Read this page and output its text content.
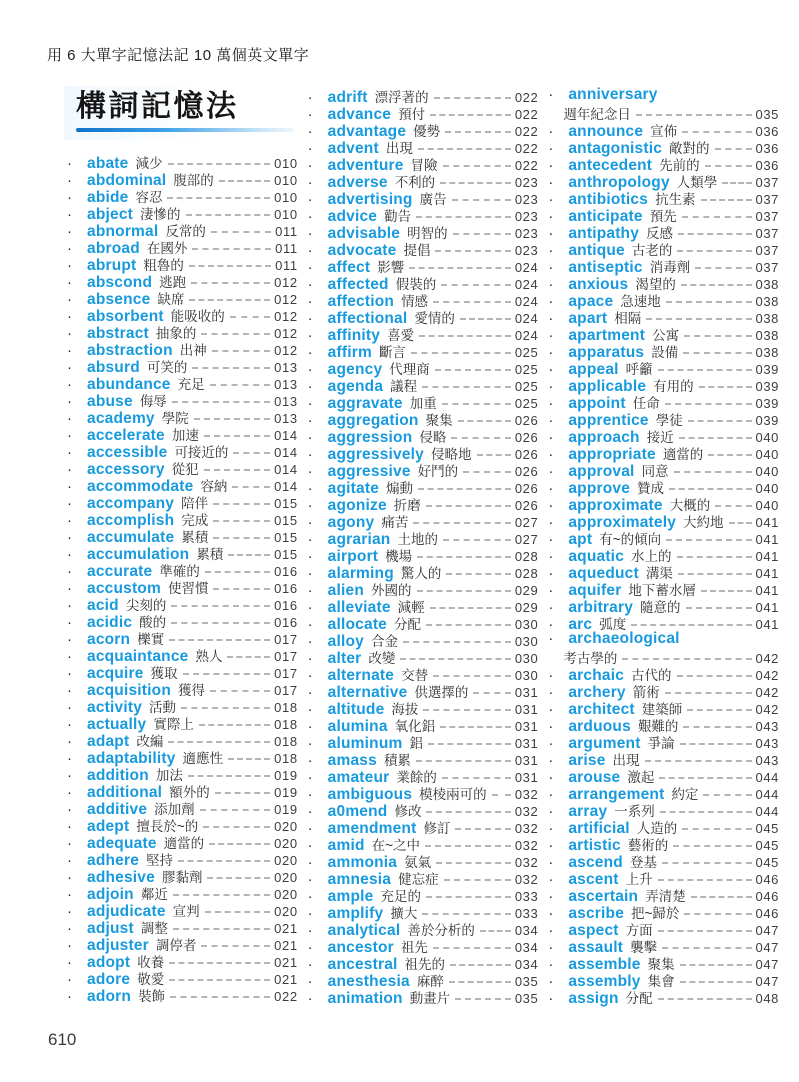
用 6 大單字記憶法記 10 萬個英文單字
構詞記憶法
· abate 減少	010
· abdominal 腹部的	010
· abide 容忍	010
· abject 淒慘的	010
· abnormal 反常的	011
· abroad 在國外	011
· abrupt 粗魯的	011
· abscond 逃跑	012
· absence 缺席	012
· absorbent 能吸收的	012
· abstract 抽象的	012
· abstraction 出神	012
· absurd 可笑的	013
· abundance 充足	013
· abuse 侮辱	013
· academy 學院	013
· accelerate 加速	014
· accessible 可接近的	014
· accessory 從犯	014
· accommodate 容納	014
· accompany 陪伴	015
· accomplish 完成	015
· accumulate 累積	015
· accumulation 累積	015
· accurate 準確的	016
· accustom 使習慣	016
· acid 尖刻的	016
· acidic 酸的	016
· acorn 櫟實	017
· acquaintance 熟人	017
· acquire 獲取	017
· acquisition 獲得	017
· activity 活動	018
· actually 實際上	018
· adapt 改編	018
· adaptability 適應性	018
· addition 加法	019
· additional 額外的	019
· additive 添加劑	019
· adept 擅長於~的	020
· adequate 適當的	020
· adhere 堅持	020
· adhesive 膠黏劑	020
· adjoin 鄰近	020
· adjudicate 宣判	020
· adjust 調整	021
· adjuster 調停者	021
· adopt 收養	021
· adore 敬愛	021
· adorn 裝飾	022
· adrift 漂浮著的	022
· advance 預付	022
· advantage 優勢	022
· advent 出現	022
· adventure 冒險	022
· adverse 不利的	023
· advertising 廣告	023
· advice 勸告	023
· advisable 明智的	023
· advocate 提倡	023
· affect 影響	024
· affected 假裝的	024
· affection 情感	024
· affectional 愛情的	024
· affinity 喜愛	024
· affirm 斷言	025
· agency 代理商	025
· agenda 議程	025
· aggravate 加重	025
· aggregation 聚集	026
· aggression 侵略	026
· aggressively 侵略地	026
· aggressive 好鬥的	026
· agitate 煽動	026
· agonize 折磨	026
· agony 痛苦	027
· agrarian 土地的	027
· airport 機場	028
· alarming 驚人的	028
· alien 外國的	029
· alleviate 減輕	029
· allocate 分配	030
· alloy 合金	030
· alter 改變	030
· alternate 交替	030
· alternative 供選擇的	031
· altitude 海拔	031
· alumina 氧化鋁	031
· aluminum 鋁	031
· amass 積累	031
· amateur 業餘的	031
· ambiguous 模棱兩可的 032
· a0mend 修改	032
· amendment 修訂	032
· amid 在~之中	032
· ammonia 氨氣	032
· amnesia 健忘症	032
· ample 充足的	033
· amplify 擴大	033
· analytical 善於分析的	034
· ancestor 祖先	034
· ancestral 祖先的	034
· anesthesia 麻醉	035
· animation 動畫片	035
· anniversary
週年紀念日	035
· announce 宣佈	036
· antagonistic 敵對的	036
· antecedent 先前的	036
· anthropology 人類學	037
· antibiotics 抗生素	037
· anticipate 預先	037
· antipathy 反感	037
· antique 古老的	037
· antiseptic 消毒劑	037
· anxious 渴望的	038
· apace 急速地	038
· apart 相隔	038
· apartment 公寓	038
· apparatus 設備	038
· appeal 呼籲	039
· applicable 有用的	039
· appoint 任命	039
· apprentice 學徒	039
· approach 接近	040
· appropriate 適當的	040
· approval 同意	040
· approve 贊成	040
· approximate 大概的	040
· approximately 大約地 041
· apt 有~的傾向	041
· aquatic 水上的	041
· aqueduct 溝渠	041
· aquifer 地下蓄水層	041
· arbitrary 隨意的	041
· arc 弧度	041
· archaeological
考古學的	042
· archaic 古代的	042
· archery 箭術	042
· architect 建築師	042
· arduous 艱難的	043
· argument 爭論	043
· arise 出現	043
· arouse 激起	044
· arrangement 約定	044
· array 一系列	044
· artificial 人造的	045
· artistic 藝術的	045
· ascend 登基	045
· ascent 上升	046
· ascertain 弄清楚	046
· ascribe 把~歸於	046
· aspect 方面	047
· assault 襲擊	047
· assemble 聚集	047
· assembly 集會	047
· assign 分配	048
610
